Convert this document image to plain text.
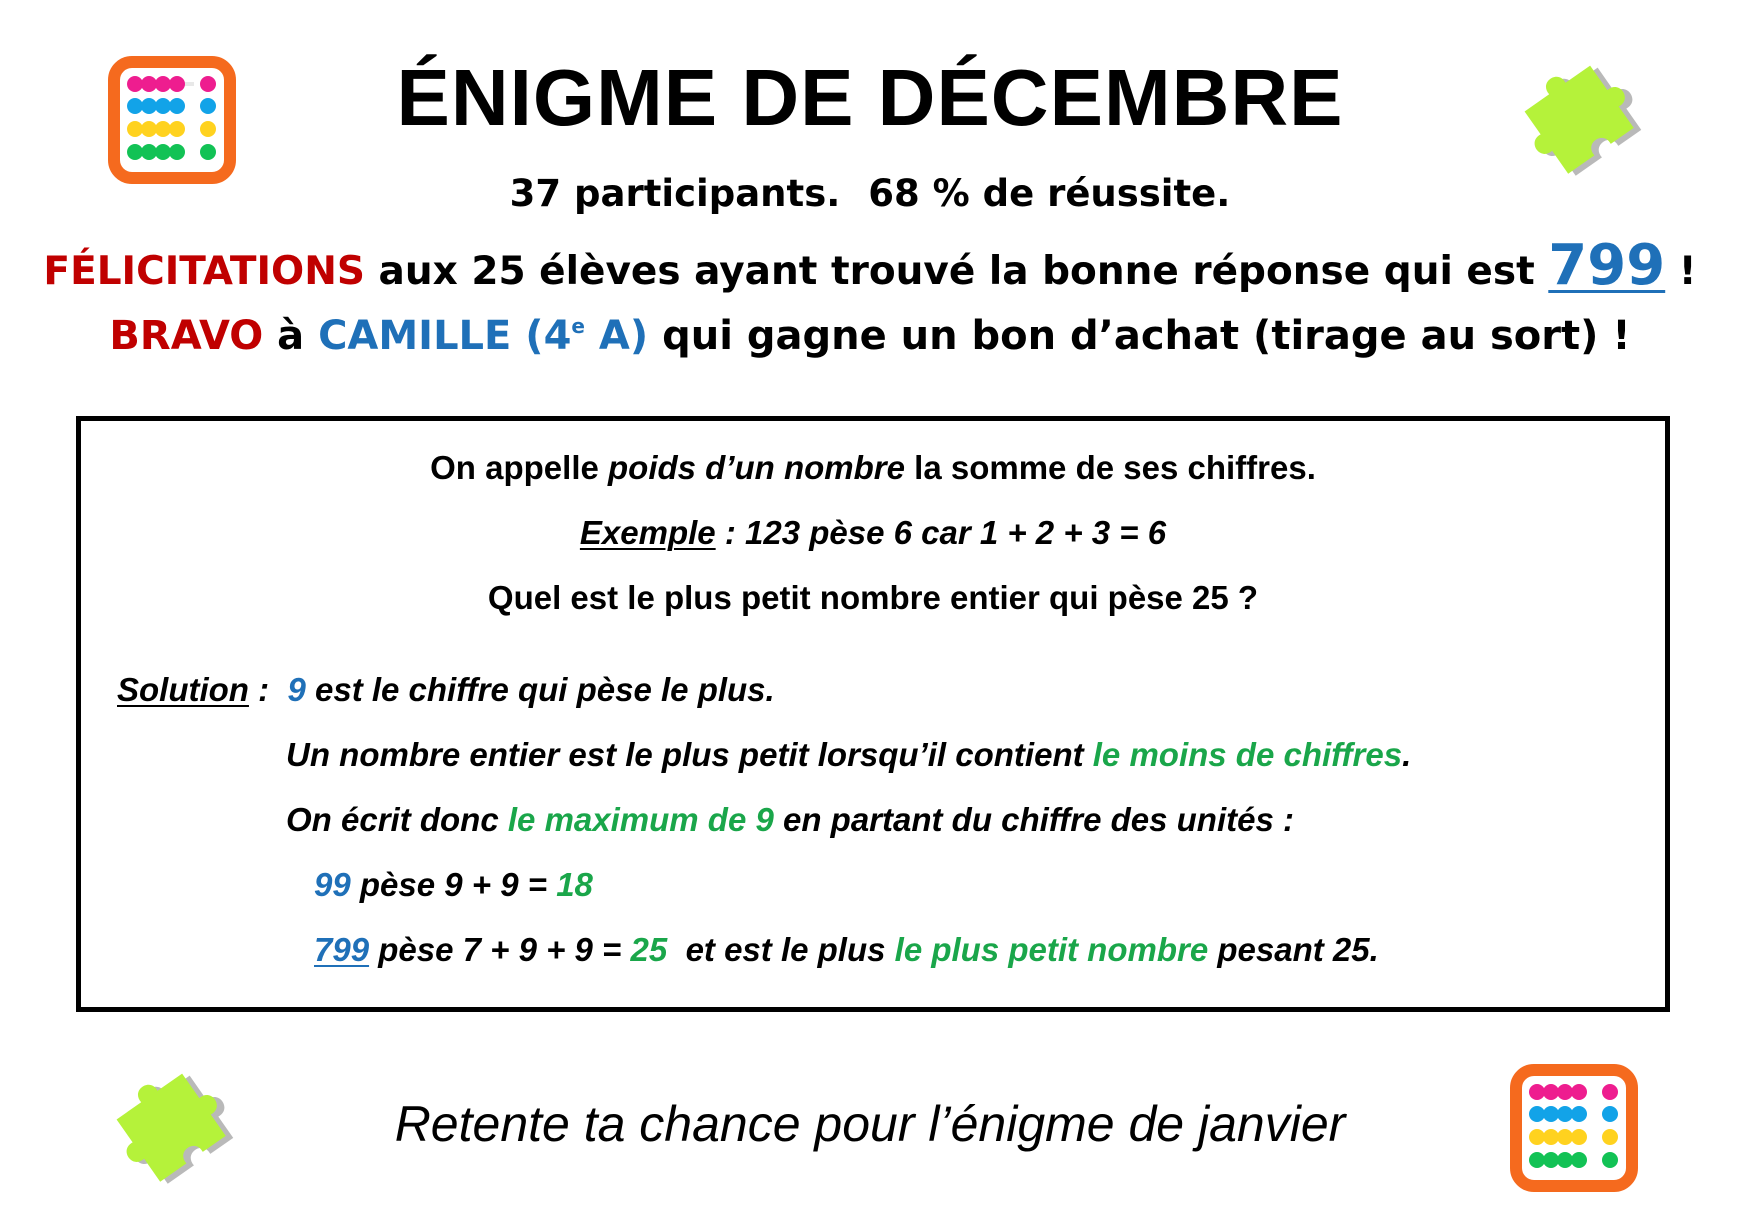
ÉNIGME DE DÉCEMBRE
37 participants. 68 % de réussite.
FÉLICITATIONS aux 25 élèves ayant trouvé la bonne réponse qui est 799 !
BRAVO à CAMILLE (4e A) qui gagne un bon d’achat (tirage au sort) !
On appelle poids d’un nombre la somme de ses chiffres.
Exemple : 123 pèse 6 car 1 + 2 + 3 = 6
Quel est le plus petit nombre entier qui pèse 25 ?
Solution :  9 est le chiffre qui pèse le plus.
Un nombre entier est le plus petit lorsqu’il contient le moins de chiffres.
On écrit donc le maximum de 9 en partant du chiffre des unités :
99 pèse 9 + 9 = 18
799 pèse 7 + 9 + 9 = 25  et est le plus le plus petit nombre pesant 25.
Retente ta chance pour l’énigme de janvier
